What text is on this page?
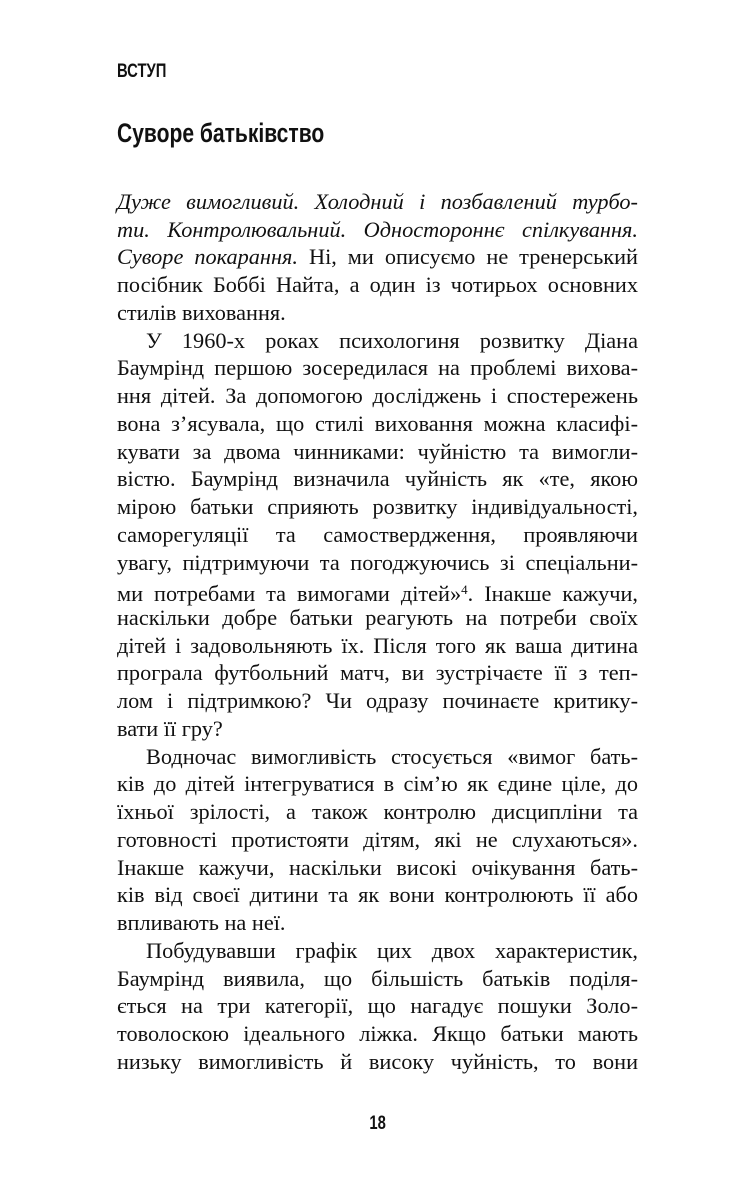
ВСТУП
Суворе батьківство
Дуже вимогливий. Холодний і позбавлений турбо-
ти. Контролювальний. Одностороннє спілкування.
Суворе покарання. Ні, ми описуємо не тренерський
посібник Боббі Найта, а один із чотирьох основних
стилів виховання.
У 1960-х роках психологиня розвитку Діана
Баумрінд першою зосередилася на проблемі вихова-
ння дітей. За допомогою досліджень і спостережень
вона з’ясувала, що стилі виховання можна класифі-
кувати за двома чинниками: чуйністю та вимогли-
вістю. Баумрінд визначила чуйність як «те, якою
мірою батьки сприяють розвитку індивідуальності,
саморегуляції та самоствердження, проявляючи
увагу, підтримуючи та погоджуючись зі спеціальни-
ми потребами та вимогами дітей»$^4$. Інакше кажучи,
наскільки добре батьки реагують на потреби своїх
дітей і задовольняють їх. Після того як ваша дитина
програла футбольний матч, ви зустрічаєте її з теп-
лом і підтримкою? Чи одразу починаєте критику-
вати її гру?
Водночас вимогливість стосується «вимог бать-
ків до дітей інтегруватися в сім’ю як єдине ціле, до
їхньої зрілості, а також контролю дисципліни та
готовності протистояти дітям, які не слухаються».
Інакше кажучи, наскільки високі очікування бать-
ків від своєї дитини та як вони контролюють її або
впливають на неї.
Побудувавши графік цих двох характеристик,
Баумрінд виявила, що більшість батьків поділя-
ється на три категорії, що нагадує пошуки Золо-
товолоскою ідеального ліжка. Якщо батьки мають
низьку вимогливість й високу чуйність, то вони
18
